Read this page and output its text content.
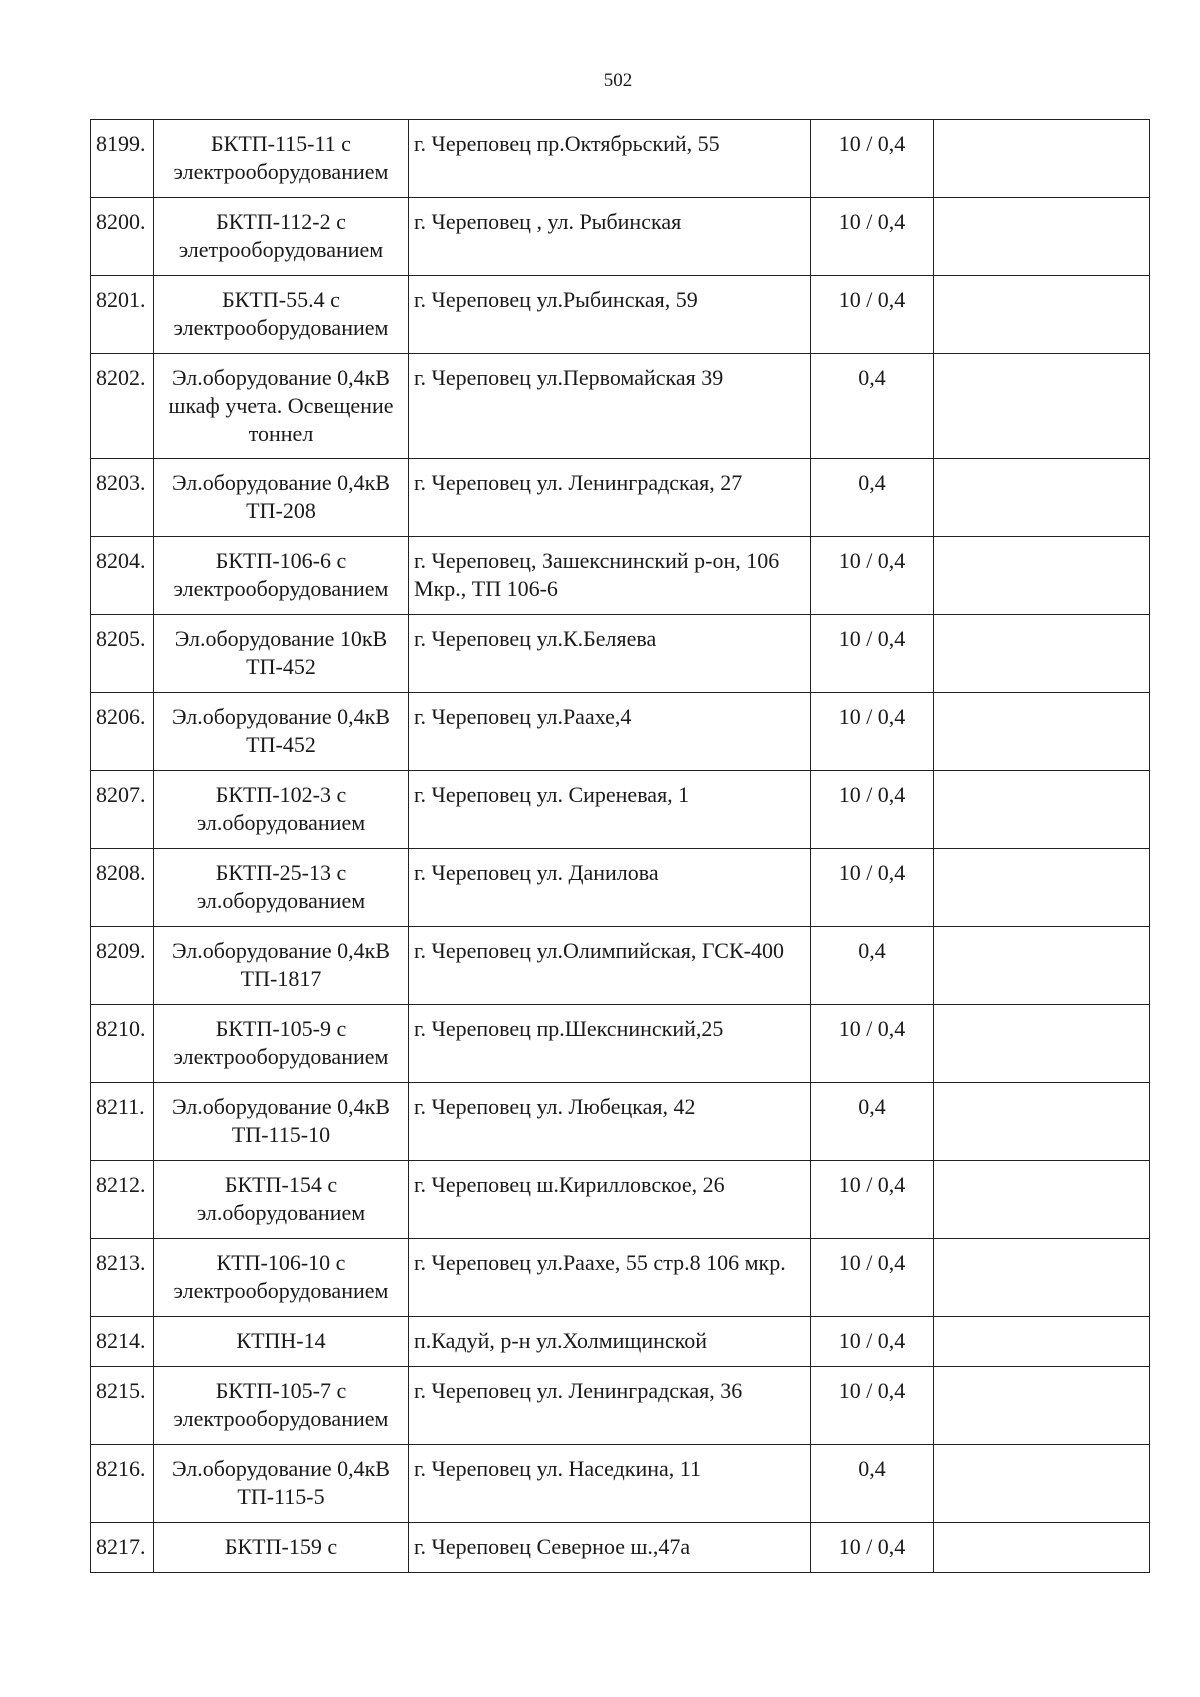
502
8199.	БКТП-115-11 с электрооборудованием	г. Череповец пр.Октябрьский, 55	10 / 0,4	
8200.	БКТП-112-2 с элетрооборудованием	г. Череповец , ул. Рыбинская	10 / 0,4	
8201.	БКТП-55.4 с электрооборудованием	г. Череповец ул.Рыбинская, 59	10 / 0,4	
8202.	Эл.оборудование 0,4кВ шкаф учета. Освещение тоннел	г. Череповец ул.Первомайская 39	0,4	
8203.	Эл.оборудование 0,4кВ ТП-208	г. Череповец ул. Ленинградская, 27	0,4	
8204.	БКТП-106-6 с электрооборудованием	г. Череповец, Зашекснинский р-он, 106 Мкр., ТП 106-6	10 / 0,4	
8205.	Эл.оборудование 10кВ ТП-452	г. Череповец ул.К.Беляева	10 / 0,4	
8206.	Эл.оборудование 0,4кВ ТП-452	г. Череповец ул.Раахе,4	10 / 0,4	
8207.	БКТП-102-3 с эл.оборудованием	г. Череповец ул. Сиреневая, 1	10 / 0,4	
8208.	БКТП-25-13 с эл.оборудованием	г. Череповец ул. Данилова	10 / 0,4	
8209.	Эл.оборудование 0,4кВ ТП-1817	г. Череповец ул.Олимпийская, ГСК-400	0,4	
8210.	БКТП-105-9 с электрооборудованием	г. Череповец пр.Шекснинский,25	10 / 0,4	
8211.	Эл.оборудование 0,4кВ ТП-115-10	г. Череповец ул. Любецкая, 42	0,4	
8212.	БКТП-154 с эл.оборудованием	г. Череповец ш.Кирилловское, 26	10 / 0,4	
8213.	КТП-106-10 с электрооборудованием	г. Череповец ул.Раахе, 55 стр.8 106 мкр.	10 / 0,4	
8214.	КТПН-14	п.Кадуй, р-н ул.Холмищинской	10 / 0,4	
8215.	БКТП-105-7 с электрооборудованием	г. Череповец ул. Ленинградская, 36	10 / 0,4	
8216.	Эл.оборудование 0,4кВ ТП-115-5	г. Череповец ул. Наседкина, 11	0,4	
8217.	БКТП-159 с	г. Череповец Северное ш.,47а	10 / 0,4	
